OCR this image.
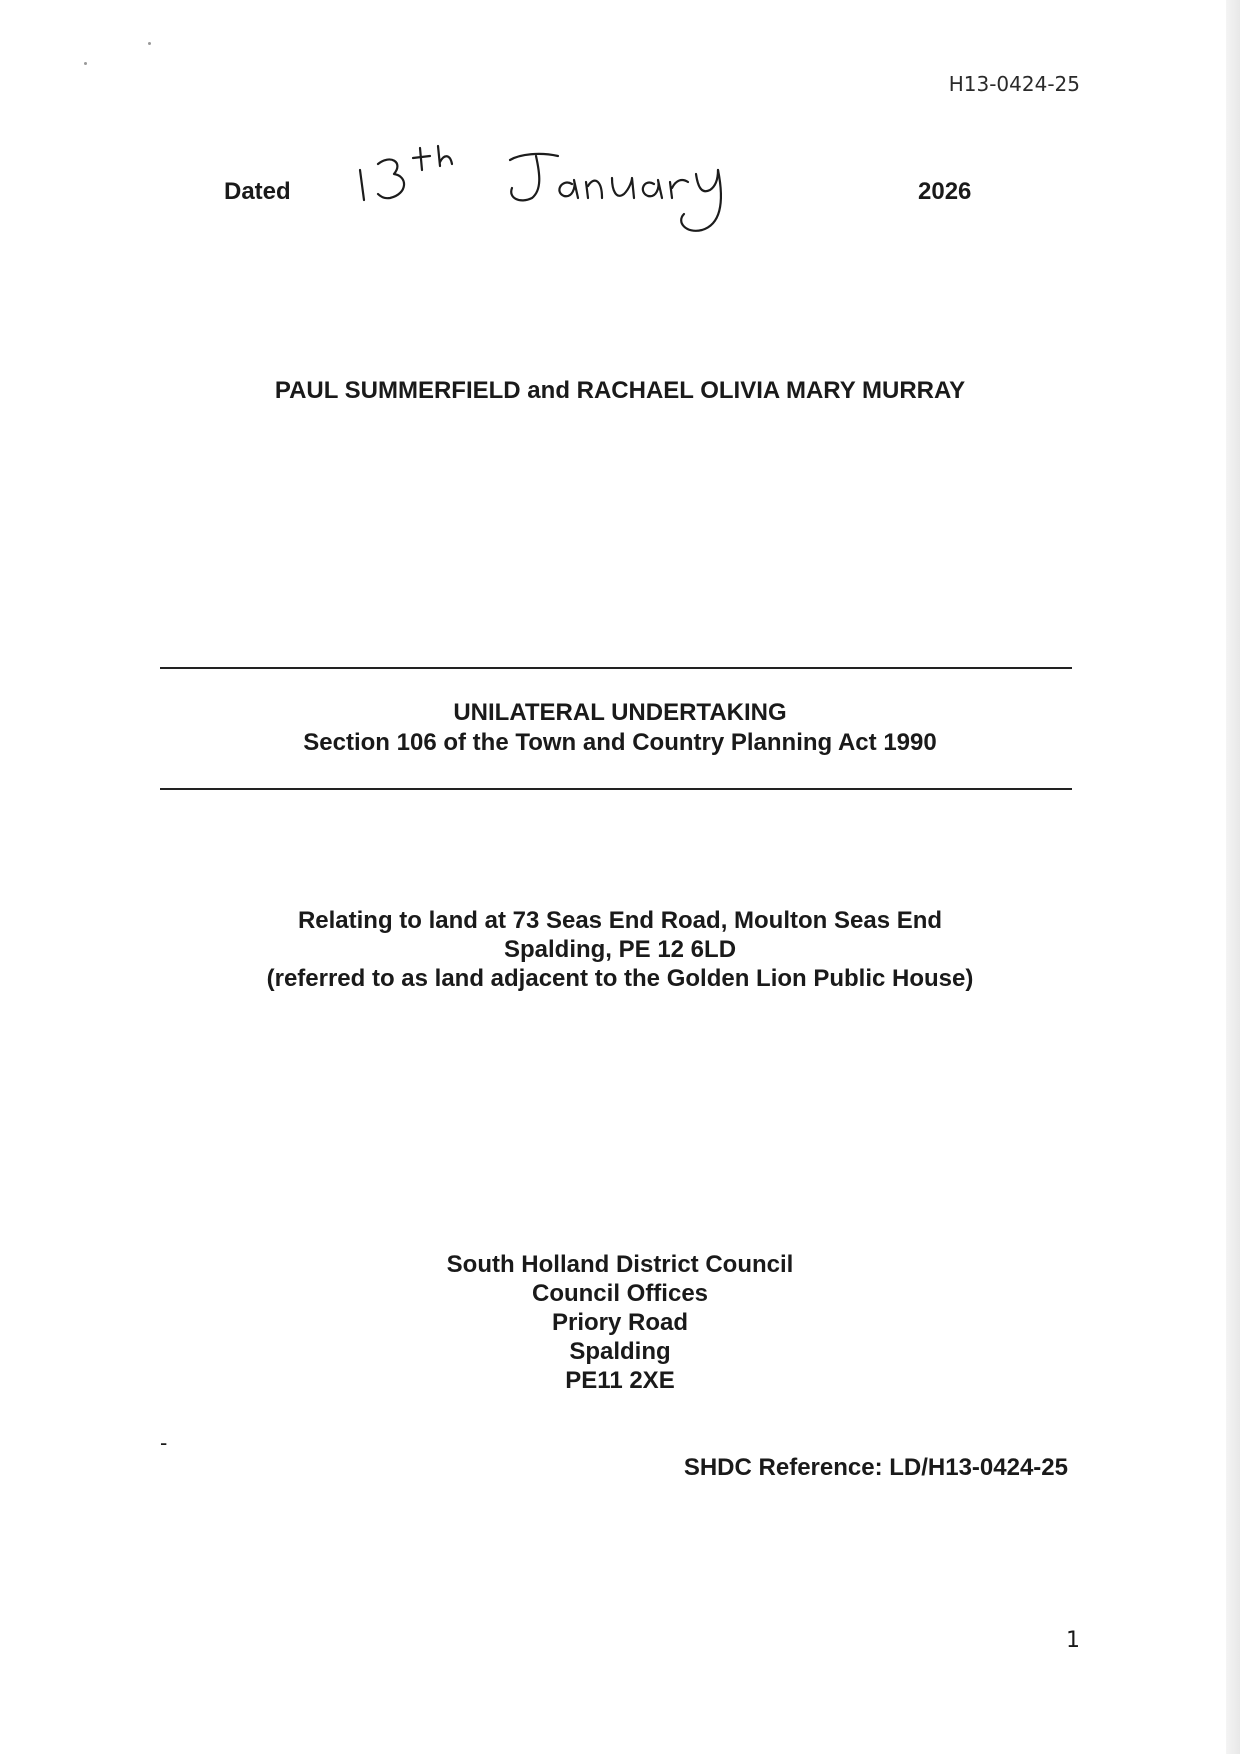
H13-0424-25
Dated	2026
PAUL SUMMERFIELD and RACHAEL OLIVIA MARY MURRAY
UNILATERAL UNDERTAKING
Section 106 of the Town and Country Planning Act 1990
Relating to land at 73 Seas End Road, Moulton Seas End
Spalding, PE 12 6LD
(referred to as land adjacent to the Golden Lion Public House)
South Holland District Council
Council Offices
Priory Road
Spalding
PE11 2XE
-
SHDC Reference: LD/H13-0424-25
1
